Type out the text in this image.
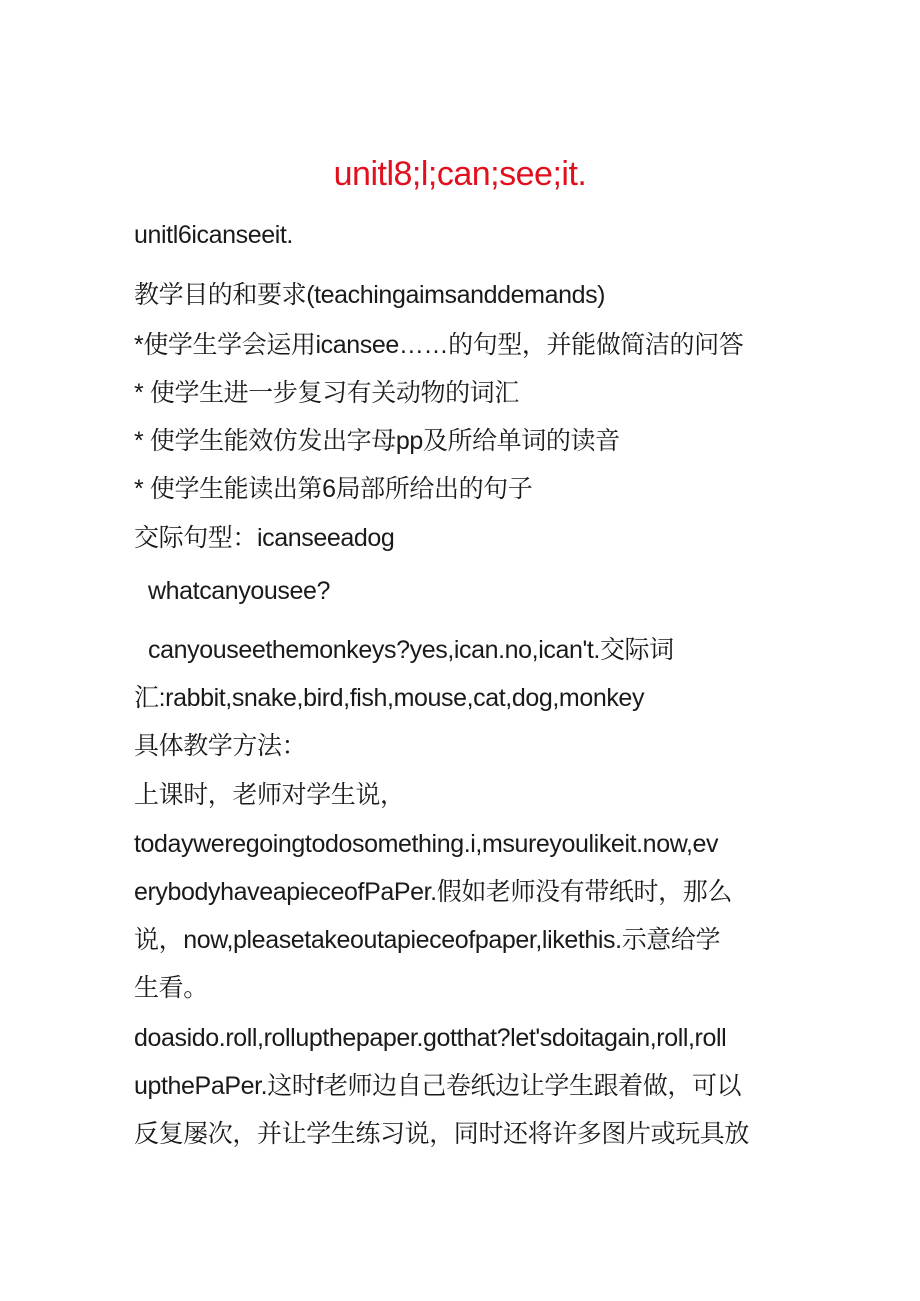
unitl8;l;can;see;it.
unitl6icanseeit.
教学目的和要求(teachingaimsanddemands)
*使学生学会运用icansee……的句型，并能做简洁的问答
* 使学生进一步复习有关动物的词汇
* 使学生能效仿发出字母pp及所给单词的读音
* 使学生能读出第6局部所给出的句子
交际句型：icanseeadog
whatcanyousee?
canyouseethemonkeys?yes,ican.no,ican't.交际词
汇:rabbit,snake,bird,fish,mouse,cat,dog,monkey
具体教学方法：
上课时，老师对学生说，
todayweregoingtodosomething.i,msureyoulikeit.now,ev
erybodyhaveapieceofPaPer.假如老师没有带纸时，那么
说，now,pleasetakeoutapieceofpaper,likethis.示意给学
生看。
doasido.roll,rollupthepaper.gotthat?let'sdoitagain,roll,roll
upthePaPer.这时f老师边自己卷纸边让学生跟着做，可以
反复屡次，并让学生练习说，同时还将许多图片或玩具放
